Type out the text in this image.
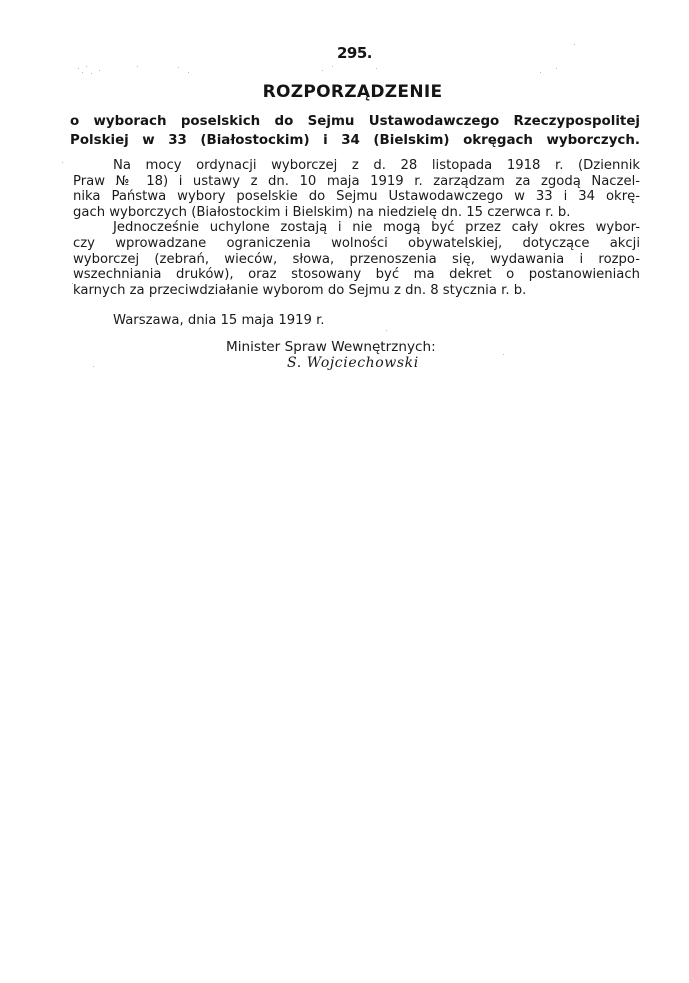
295.
ROZPORZĄDZENIE
o wyborach poselskich do Sejmu Ustawodawczego Rzeczypospolitej
Polskiej w 33 (Białostockim) i 34 (Bielskim) okręgach wyborczych.
Na mocy ordynacji wyborczej z d. 28 listopada 1918 r. (Dziennik
Praw № 18) i ustawy z dn. 10 maja 1919 r. zarządzam za zgodą Naczel-
nika Państwa wybory poselskie do Sejmu Ustawodawczego w 33 i 34 okrę-
gach wyborczych (Białostockim i Bielskim) na niedzielę dn. 15 czerwca r. b.
Jednocześnie uchylone zostają i nie mogą być przez cały okres wybor-
czy wprowadzane ograniczenia wolności obywatelskiej, dotyczące akcji
wyborczej (zebrań, wieców, słowa, przenoszenia się, wydawania i rozpo-
wszechniania druków), oraz stosowany być ma dekret o postanowieniach
karnych za przeciwdziałanie wyborom do Sejmu z dn. 8 stycznia r. b.
Warszawa, dnia 15 maja 1919 r.
Minister Spraw Wewnętrznych:
S. Wojciechowski
